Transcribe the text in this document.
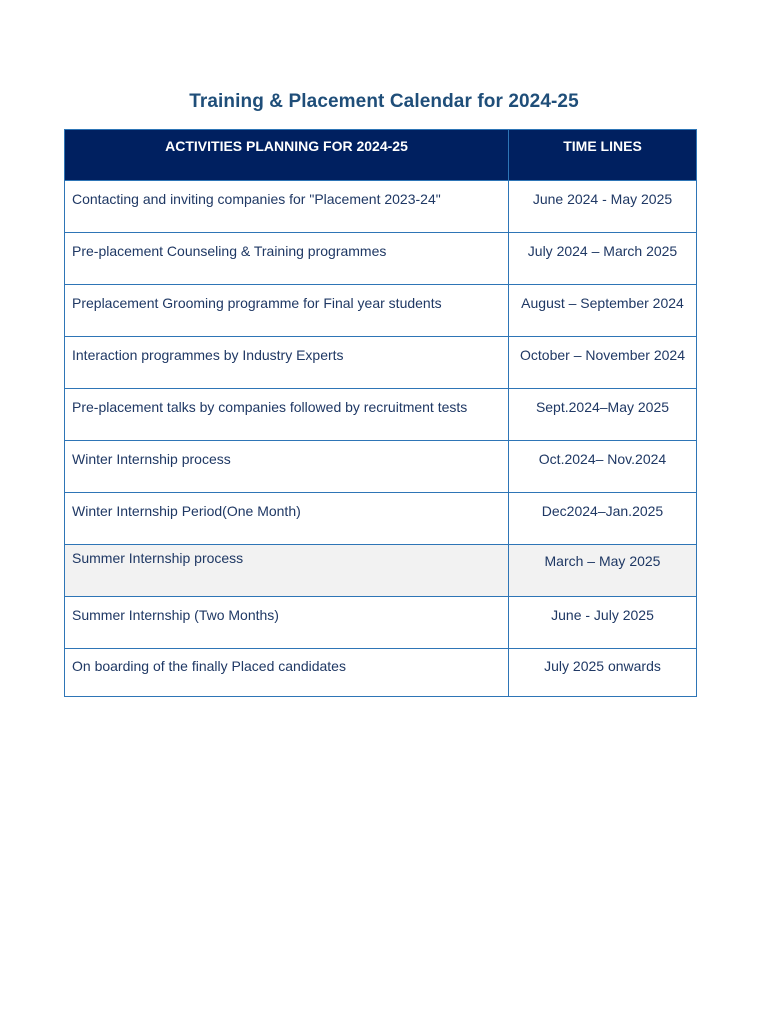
Training & Placement Calendar for 2024-25
ACTIVITIES PLANNING FOR 2024-25	TIME LINES
Contacting and inviting companies for "Placement 2023-24"	June 2024 - May 2025
Pre-placement Counseling & Training programmes	July 2024 – March 2025
Preplacement Grooming programme for Final year students	August – September 2024
Interaction programmes by Industry Experts	October – November 2024
Pre-placement talks by companies followed by recruitment tests	Sept.2024–May 2025
Winter Internship process	Oct.2024– Nov.2024
Winter Internship Period(One Month)	Dec2024–Jan.2025
Summer Internship process	March – May 2025
Summer Internship (Two Months)	June - July 2025
On boarding of the finally Placed candidates	July 2025 onwards
